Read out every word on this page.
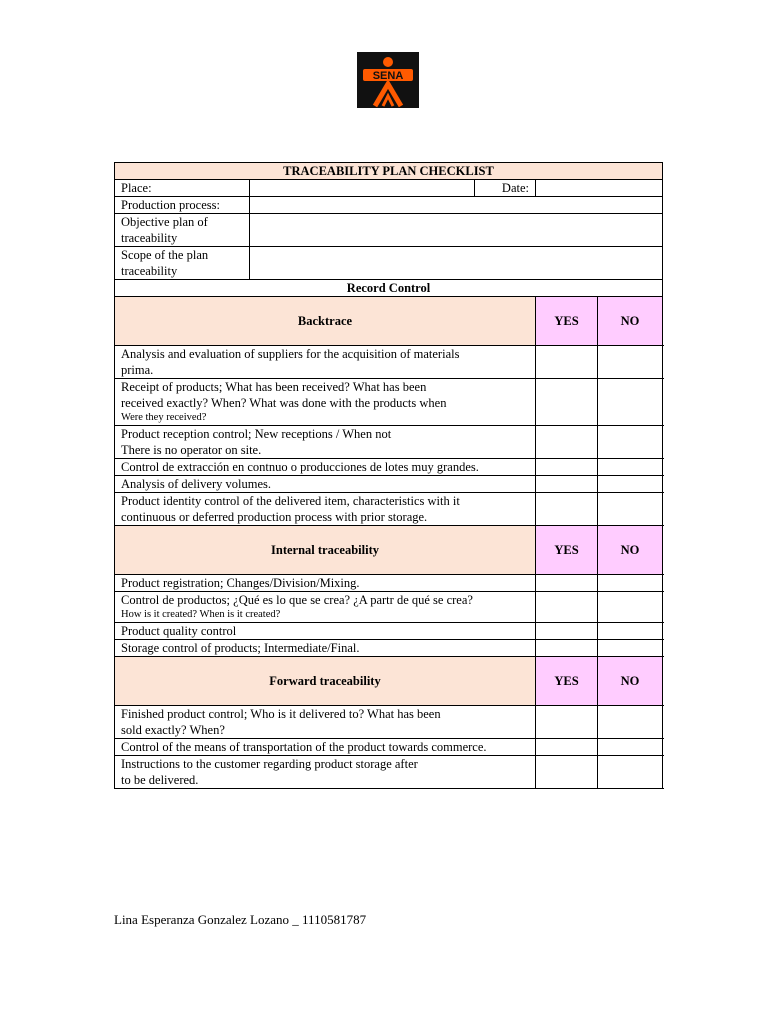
SENA
TRACEABILITY PLAN CHECKLIST				
Place:		Date:		
Production process:				
Objective plan of traceability				
Scope of the plan traceability				
Record Control				
Backtrace			YES	NO

Analysis and evaluation of suppliers for the acquisition of materials
prima.				

Receipt of products; What has been received? What has been
received exactly? When? What was done with the products when
Were they received?				

Product reception control; New receptions / When not
There is no operator on site.				

Control de extracción en contnuo o producciones de lotes muy grandes.				

Analysis of delivery volumes.				

Product identity control of the delivered item, characteristics with it
continuous or deferred production process with prior storage.				

Internal traceability			YES	NO

Product registration; Changes/Division/Mixing.				

Control de productos; ¿Qué es lo que se crea? ¿A partr de qué se crea?
How is it created? When is it created?				

Product quality control				

Storage control of products; Intermediate/Final.				

Forward traceability			YES	NO

Finished product control; Who is it delivered to? What has been
sold exactly? When?				

Control of the means of transportation of the product towards commerce.				

Instructions to the customer regarding product storage after
to be delivered.				

Lina Esperanza Gonzalez Lozano _ 1110581787
